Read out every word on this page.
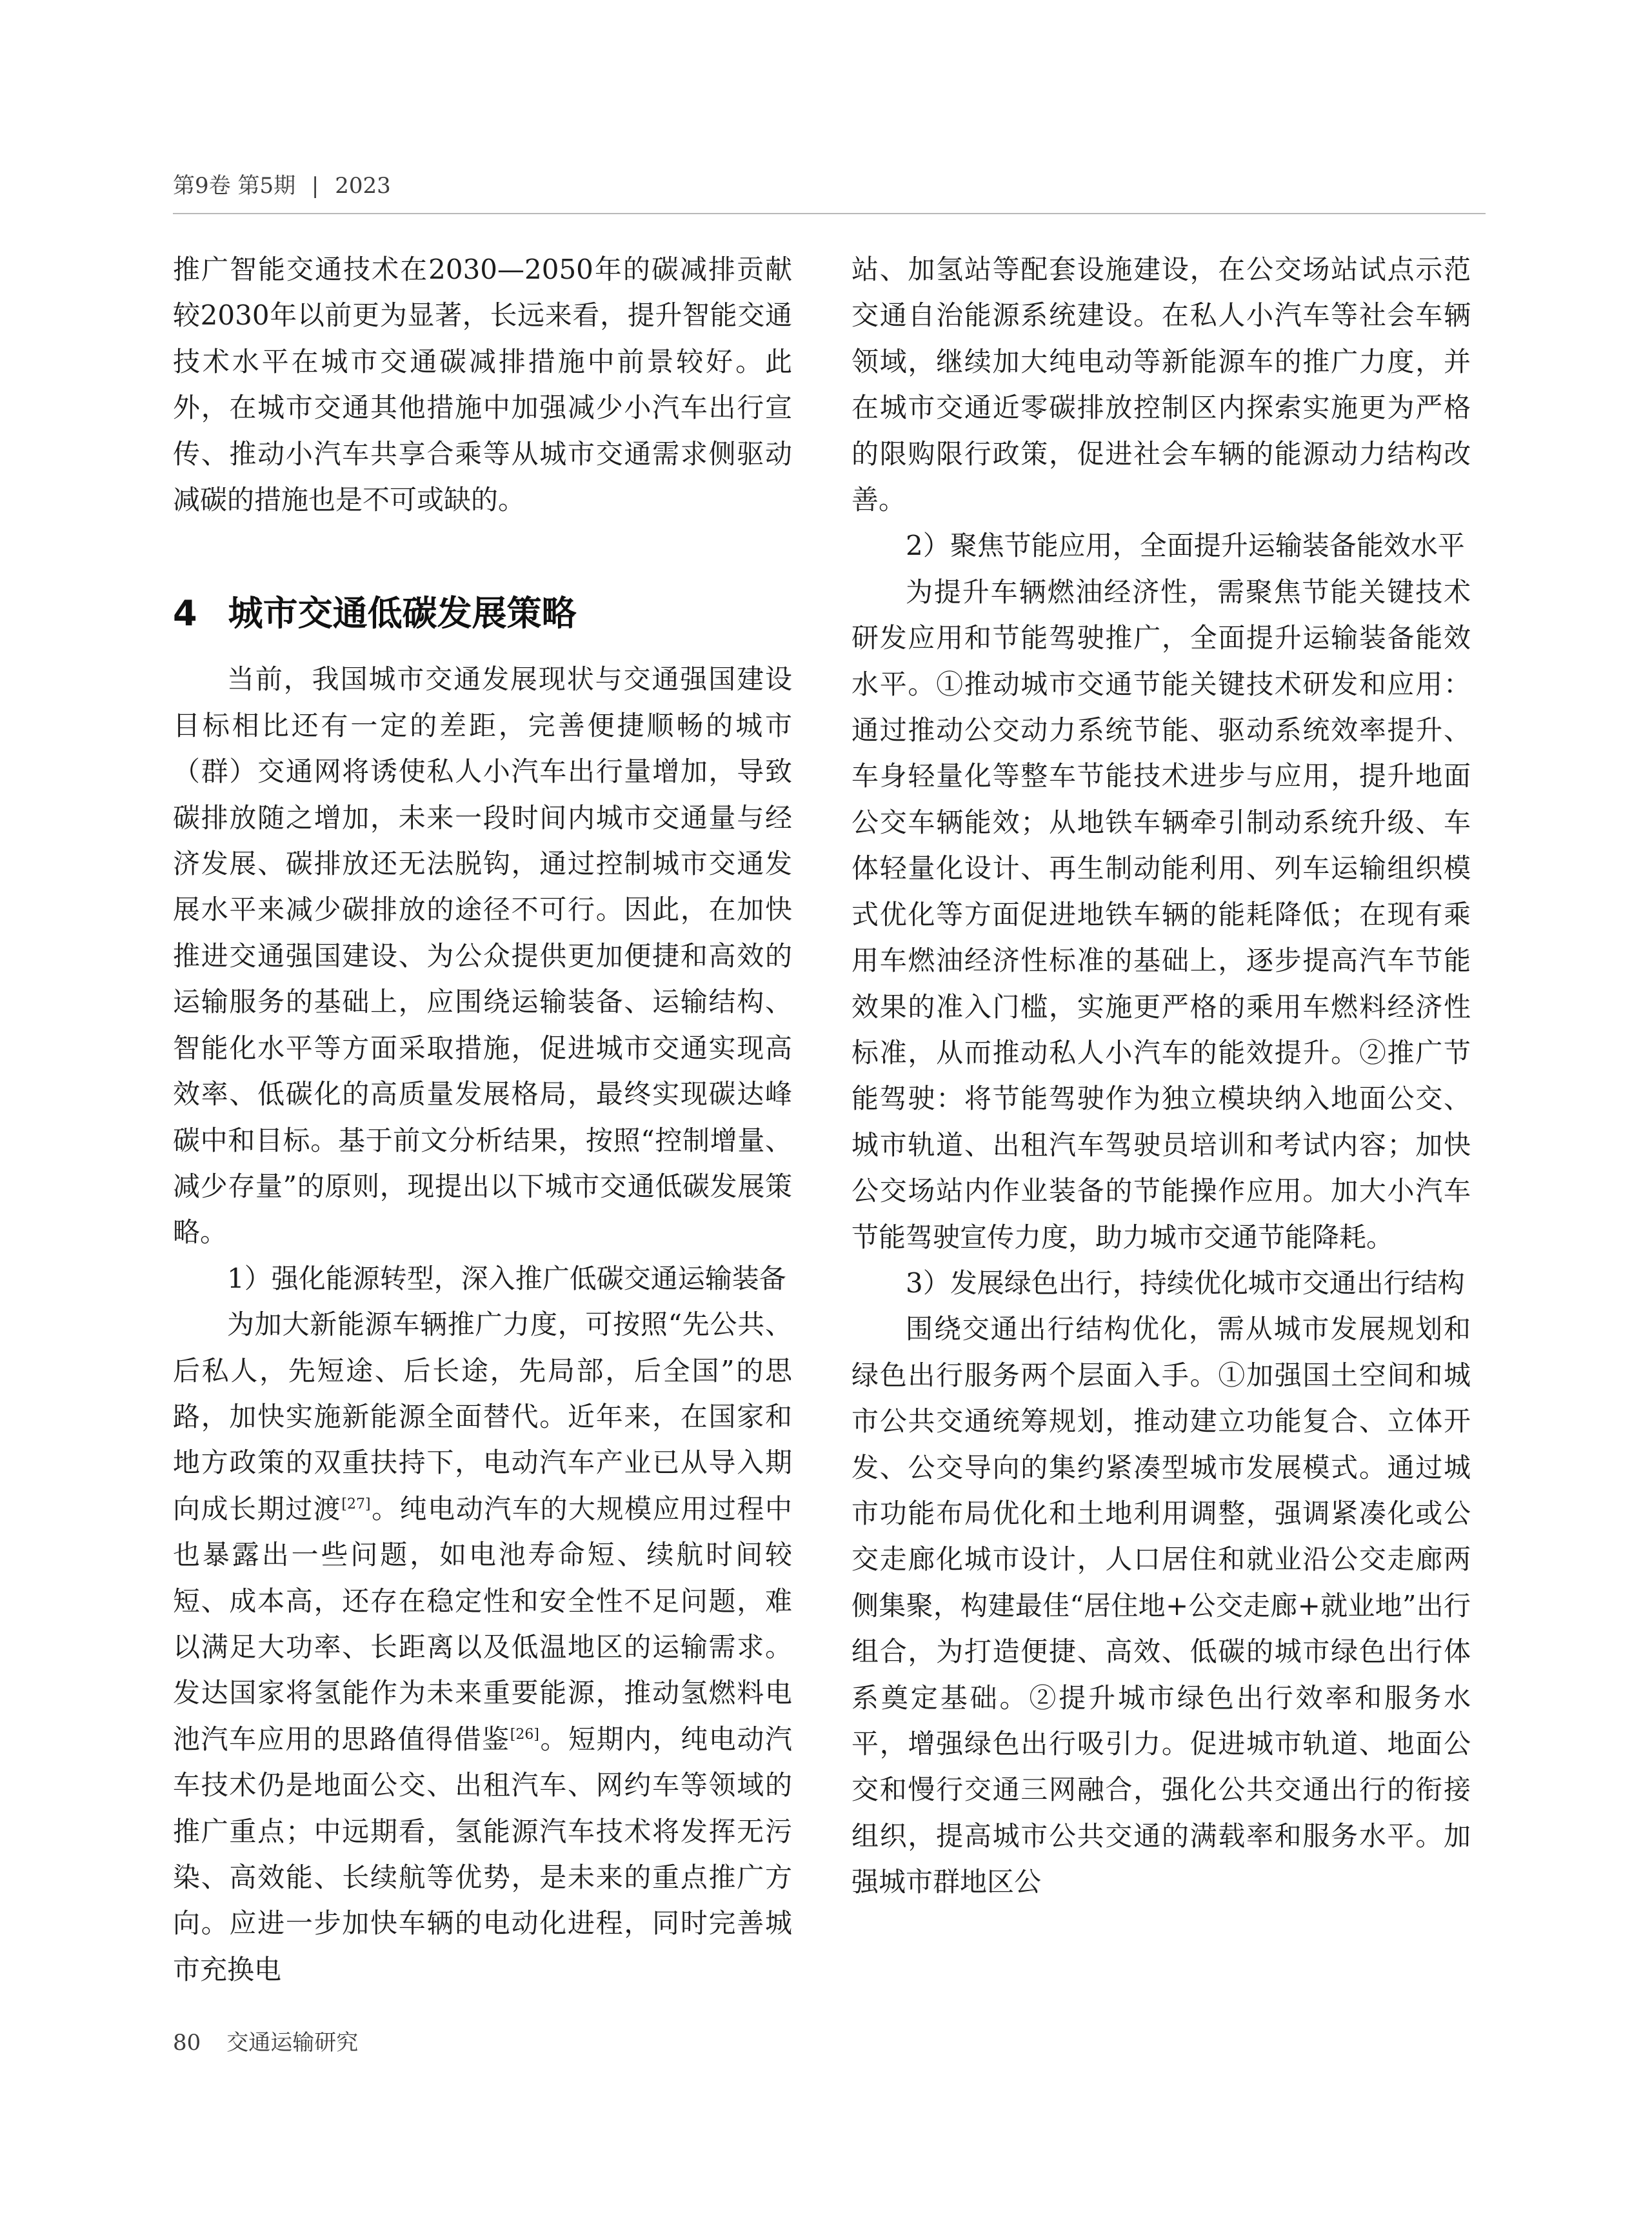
第9卷 第5期 | 2023

推广智能交通技术在2030—2050年的碳减排贡献较2030年以前更为显著，长远来看，提升智能交通技术水平在城市交通碳减排措施中前景较好。此外，在城市交通其他措施中加强减少小汽车出行宣传、推动小汽车共享合乘等从城市交通需求侧驱动减碳的措施也是不可或缺的。

4 城市交通低碳发展策略

当前，我国城市交通发展现状与交通强国建设目标相比还有一定的差距，完善便捷顺畅的城市（群）交通网将诱使私人小汽车出行量增加，导致碳排放随之增加，未来一段时间内城市交通量与经济发展、碳排放还无法脱钩，通过控制城市交通发展水平来减少碳排放的途径不可行。因此，在加快推进交通强国建设、为公众提供更加便捷和高效的运输服务的基础上，应围绕运输装备、运输结构、智能化水平等方面采取措施，促进城市交通实现高效率、低碳化的高质量发展格局，最终实现碳达峰碳中和目标。基于前文分析结果，按照“控制增量、减少存量”的原则，现提出以下城市交通低碳发展策略。

1）强化能源转型，深入推广低碳交通运输装备

为加大新能源车辆推广力度，可按照“先公共、后私人，先短途、后长途，先局部，后全国”的思路，加快实施新能源全面替代。近年来，在国家和地方政策的双重扶持下，电动汽车产业已从导入期向成长期过渡[27]。纯电动汽车的大规模应用过程中也暴露出一些问题，如电池寿命短、续航时间较短、成本高，还存在稳定性和安全性不足问题，难以满足大功率、长距离以及低温地区的运输需求。发达国家将氢能作为未来重要能源，推动氢燃料电池汽车应用的思路值得借鉴[26]。短期内，纯电动汽车技术仍是地面公交、出租汽车、网约车等领域的推广重点；中远期看，氢能源汽车技术将发挥无污染、高效能、长续航等优势，是未来的重点推广方向。应进一步加快车辆的电动化进程，同时完善城市充换电

站、加氢站等配套设施建设，在公交场站试点示范交通自治能源系统建设。在私人小汽车等社会车辆领域，继续加大纯电动等新能源车的推广力度，并在城市交通近零碳排放控制区内探索实施更为严格的限购限行政策，促进社会车辆的能源动力结构改善。

2）聚焦节能应用，全面提升运输装备能效水平

为提升车辆燃油经济性，需聚焦节能关键技术研发应用和节能驾驶推广，全面提升运输装备能效水平。①推动城市交通节能关键技术研发和应用：通过推动公交动力系统节能、驱动系统效率提升、车身轻量化等整车节能技术进步与应用，提升地面公交车辆能效；从地铁车辆牵引制动系统升级、车体轻量化设计、再生制动能利用、列车运输组织模式优化等方面促进地铁车辆的能耗降低；在现有乘用车燃油经济性标准的基础上，逐步提高汽车节能效果的准入门槛，实施更严格的乘用车燃料经济性标准，从而推动私人小汽车的能效提升。②推广节能驾驶：将节能驾驶作为独立模块纳入地面公交、城市轨道、出租汽车驾驶员培训和考试内容；加快公交场站内作业装备的节能操作应用。加大小汽车节能驾驶宣传力度，助力城市交通节能降耗。

3）发展绿色出行，持续优化城市交通出行结构

围绕交通出行结构优化，需从城市发展规划和绿色出行服务两个层面入手。①加强国土空间和城市公共交通统筹规划，推动建立功能复合、立体开发、公交导向的集约紧凑型城市发展模式。通过城市功能布局优化和土地利用调整，强调紧凑化或公交走廊化城市设计，人口居住和就业沿公交走廊两侧集聚，构建最佳“居住地+公交走廊+就业地”出行组合，为打造便捷、高效、低碳的城市绿色出行体系奠定基础。②提升城市绿色出行效率和服务水平，增强绿色出行吸引力。促进城市轨道、地面公交和慢行交通三网融合，强化公共交通出行的衔接组织，提高城市公共交通的满载率和服务水平。加强城市群地区公

80 交通运输研究
